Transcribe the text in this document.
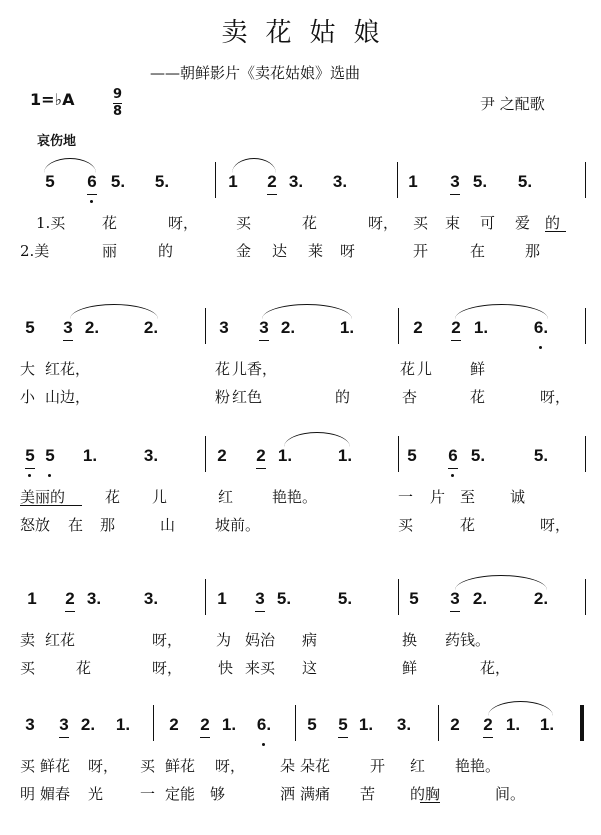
卖花姑娘
——朝鲜影片《卖花姑娘》选曲
1=♭A	9
8	尹 之配歌
哀伤地
5 6 5. 5.	1 2 3. 3.	1 3 5. 5.
1.买 花	呀，	买	花	呀， 买 束 可 爱 的
2.美	丽	的	金 达 莱 呀	开	在	那
5 3 2.	2.	3 3 2.	1.	2 2 1.	6.
大 红花，	花 儿香，	花 儿	鲜
小 山边，	粉 红色	的	杏	花	呀，
5 5 1.	3.	2 2 1.	1.	5 6 5.	5.
美丽的	花 儿	红	艳艳。	一 片 至 诚
怒放 在 那	山	坡前。	买	花	呀，
1 2 3.	3.	1 3 5.	5.	5 3 2.	2.
卖 红花	呀， 为 妈治 病	换 药钱。
买	花	呀， 快 来买 这	鲜	花，
3 3 2. 1. 2 2 1. 6. 5 5 1. 3. 2 2 1. 1.
买 鲜花 呀， 买 鲜花 呀， 朵 朵花	开 红 艳艳。
明 媚春 光 一 定能 够	洒 满痛 苦 的胸	间。
